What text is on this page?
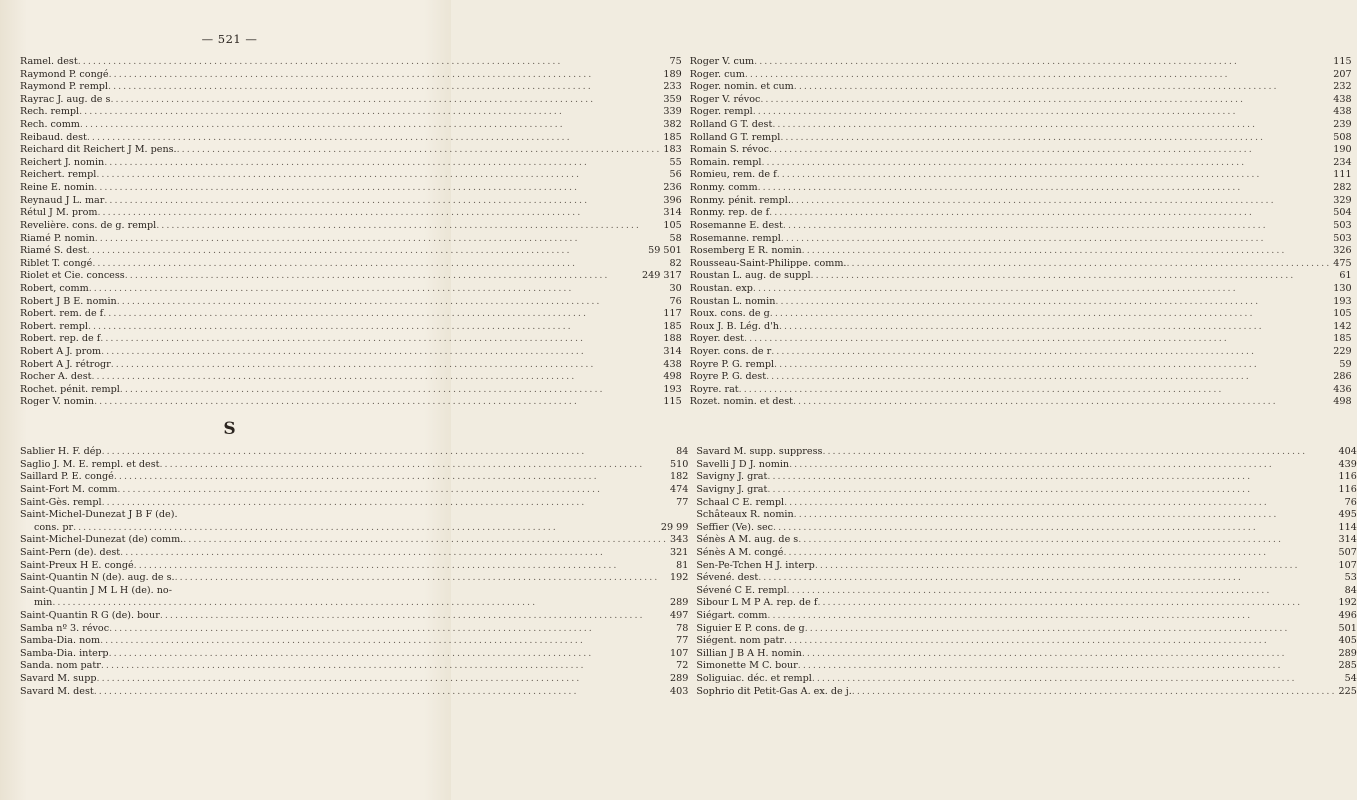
— 521 —
Ramel. dest .....	75
Raymond P. congé .....	189
Raymond P. rempl .....	233
Rayrac J. aug. de s .....	359
Rech. rempl .....	339
Rech. comm .....	382
Reibaud. dest .....	185
Reichard dit Reichert J M. pens. .....	183
Reichert J. nomin .....	55
Reichert. rempl .....	56
Reine E. nomin .....	236
Reynaud J L. mar .....	396
Rétul J M. prom .....	314
Revelière. cons. de g. rempl .....	105
Riamé P. nomin .....	58
Riamé S. dest .....	59 501
Riblet T. congé .....	82
Riolet et Cie. concess .....	249 317
Robert, comm .....	30
Robert J B E. nomin .....	76
Robert. rem. de f .....	117
Robert. rempl .....	185
Robert. rep. de f .....	188
Robert A J. prom .....	314
Robert A J. rétrogr .....	438
Rocher A. dest .....	498
Rochet. pénit. rempl .....	193
Roger V. nomin .....	115
Roger V. cum .....	115
Roger. cum .....	207
Roger. nomin. et cum .....	232
Roger V. révoc .....	438
Roger. rempl .....	438
Rolland G T. dest .....	239
Rolland G T. rempl .....	508
Romain S. révoc .....	190
Romain. rempl .....	234
Romieu, rem. de f .....	111
Ronmy. comm .....	282
Ronmy. pénit. rempl. .....	329
Ronmy. rep. de f .....	504
Rosemanne E. dest .....	503
Rosemanne. rempl .....	503
Rosemberg E R. nomin .....	326
Rousseau-Saint-Philippe. comm. .....	475
Roustan L. aug. de suppl .....	61
Roustan. exp .....	130
Roustan L. nomin .....	193
Roux. cons. de g .....	105
Roux J. B. Lég. d'h .....	142
Royer. dest .....	185
Royer. cons. de r .....	229
Royre P. G. rempl .....	59
Royre P. G. dest .....	286
Royre. rat .....	436
Rozet. nomin. et dest .....	498
S
Sablier H. F. dép .....	84
Saglio J. M. E. rempl. et dest .....	510
Saillard P. E. congé .....	182
Saint-Fort M. comm .....	474
Saint-Gès. rempl .....	77
Saint-Michel-Dunezat J B F (de).
cons. pr .....	29 99
Saint-Michel-Dunezat (de) comm. .....	343
Saint-Pern (de). dest .....	321
Saint-Preux H E. congé .....	81
Saint-Quantin N (de). aug. de s. .....	192
Saint-Quantin J M L H (de). no-
min .....	289
Saint-Quantin R G (de). bour .....	497
Samba nº 3. révoc .....	78
Samba-Dia. nom .....	77
Samba-Dia. interp .....	107
Sanda. nom patr .....	72
Savard M. supp .....	289
Savard M. dest .....	403
Savard M. supp. suppress .....	404
Savelli J D J. nomin .....	439
Savigny J. grat .....	116
Savigny J. grat .....	116
Schaal C E. rempl .....	76
Schâteaux R. nomin .....	495
Seffier (Ve). sec .....	114
Sénès A M. aug. de s .....	314
Sénès A M. congé .....	507
Sen-Pe-Tchen H J. interp .....	107
Sévené. dest .....	53
Sévené C E. rempl .....	84
Sibour L M P A. rep. de f .....	192
Siégart. comm .....	496
Siguier E P. cons. de g .....	501
Siégent. nom patr .....	405
Sillian J B A H. nomin .....	289
Simonette M C. bour .....	285
Soliguiac. déc. et rempl .....	54
Sophrio dit Petit-Gas A. ex. de j. .....	225
